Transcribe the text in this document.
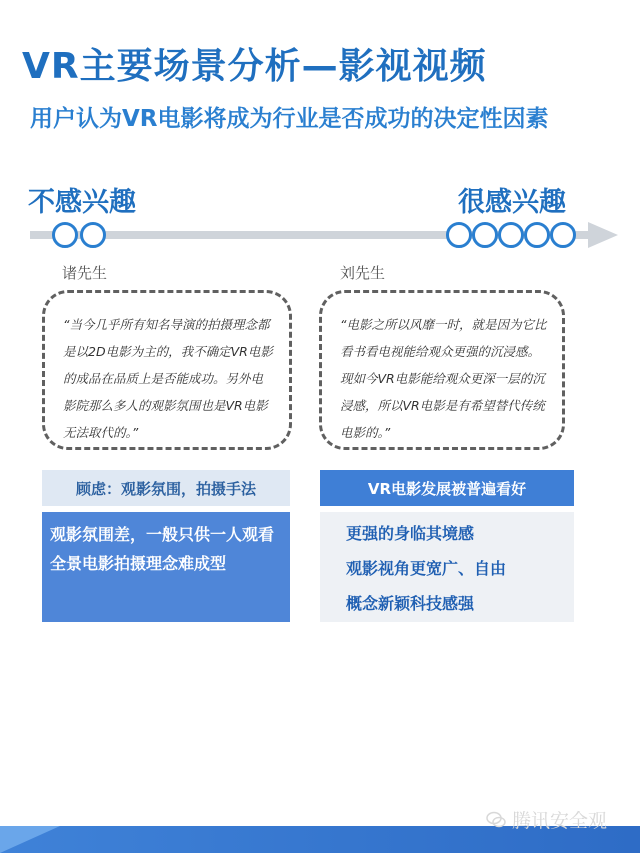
VR主要场景分析—影视视频
用户认为VR电影将成为行业是否成功的决定性因素
不感兴趣	很感兴趣
诸先生	刘先生
“当今几乎所有知名导演的拍摄理念都是以2D电影为主的，我不确定VR电影的成品在品质上是否能成功。另外电影院那么多人的观影氛围也是VR电影无法取代的。”
“电影之所以风靡一时，就是因为它比看书看电视能给观众更强的沉浸感。现如今VR电影能给观众更深一层的沉浸感，所以VR电影是有希望替代传统电影的。”
顾虑：观影氛围，拍摄手法	VR电影发展被普遍看好
观影氛围差，一般只供一人观看
全景电影拍摄理念难成型
更强的身临其境感
观影视角更宽广、自由
概念新颖科技感强
腾讯安全观
